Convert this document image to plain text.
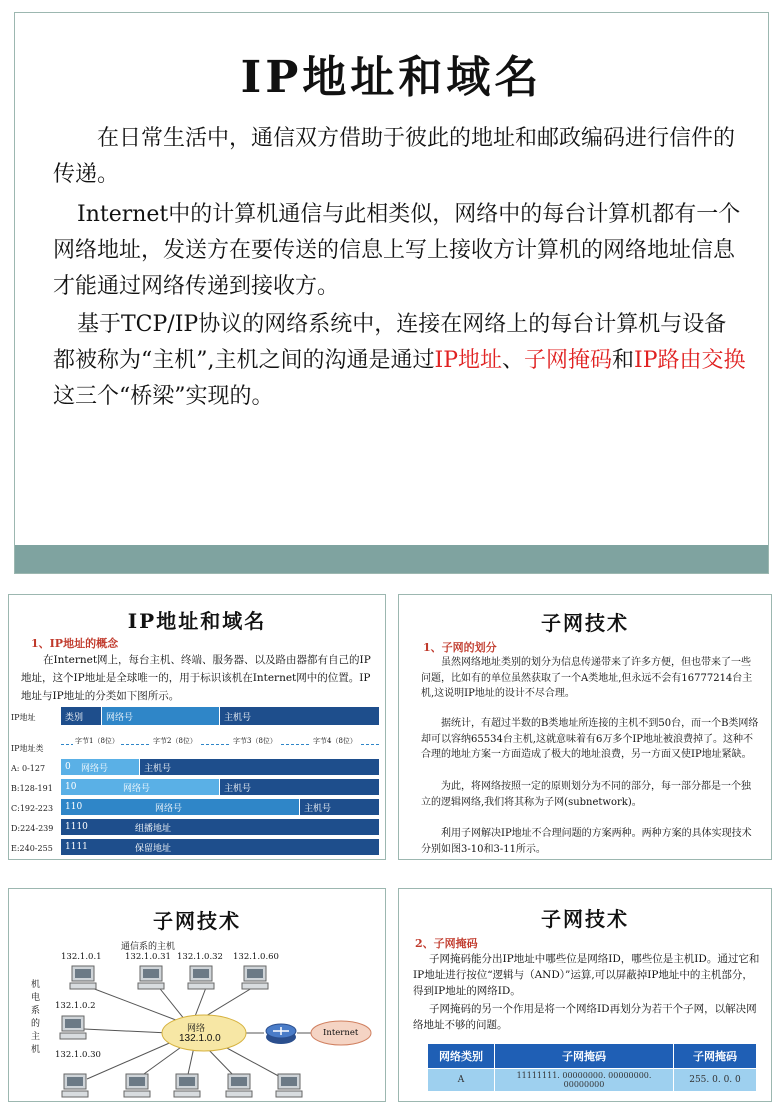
IP地址和域名
在日常生活中，通信双方借助于彼此的地址和邮政编码进行信件的传递。
Internet中的计算机通信与此相类似，网络中的每台计算机都有一个网络地址，发送方在要传送的信息上写上接收方计算机的网络地址信息才能通过网络传递到接收方。
基于TCP/IP协议的网络系统中，连接在网络上的每台计算机与设备都被称为“主机”,主机之间的沟通是通过IP地址、子网掩码和IP路由交换这三个“桥梁”实现的。
IP地址和域名
1、IP地址的概念
在Internet网上，每台主机、终端、服务器、以及路由器都有自己的IP地址，这个IP地址是全球唯一的，用于标识该机在Internet网中的位置。IP地址与IP地址的分类如下图所示。
IP地址	类别	网络号	主机号
IP地址类
字节1（8位）	字节2（8位）	字节3（8位）	字节4（8位）
A: 0-127	0	网络号	主机号
B:128-191	10	网络号	主机号
C:192-223	110	网络号	主机号
D:224-239	1110	组播地址
E:240-255	1111	保留地址
子网技术
1、子网的划分
虽然网络地址类别的划分为信息传递带来了许多方便，但也带来了一些问题，比如有的单位虽然获取了一个A类地址,但永远不会有16777214台主机,这说明IP地址的设计不尽合理。
据统计，有超过半数的B类地址所连接的主机不到50台，而一个B类网络却可以容纳65534台主机,这就意味着有6万多个IP地址被浪费掉了。这种不合理的地址方案一方面造成了极大的地址浪费，另一方面又使IP地址紧缺。
为此，将网络按照一定的原则划分为不同的部分，每一部分都是一个独立的逻辑网络,我们将其称为子网(subnetwork)。
利用子网解决IP地址不合理问题的方案两种。两种方案的具体实现技术分别如图3-10和3-11所示。
子网技术
通信系的主机
机电系的主机
132.1.0.1	132.1.0.31 132.1.0.32 132.1.0.60
132.1.0.2
132.1.0.30
网络
132.1.0.0	Internet
子网技术
2、子网掩码
子网掩码能分出IP地址中哪些位是网络ID，哪些位是主机ID。通过它和IP地址进行按位“逻辑与（AND）”运算,可以屏蔽掉IP地址中的主机部分，得到IP地址的网络ID。
子网掩码的另一个作用是将一个网络ID再划分为若干个子网，以解决网络地址不够的问题。
网络类别	子网掩码	子网掩码
A	11111111. 00000000. 00000000. 00000000	255. 0. 0. 0
